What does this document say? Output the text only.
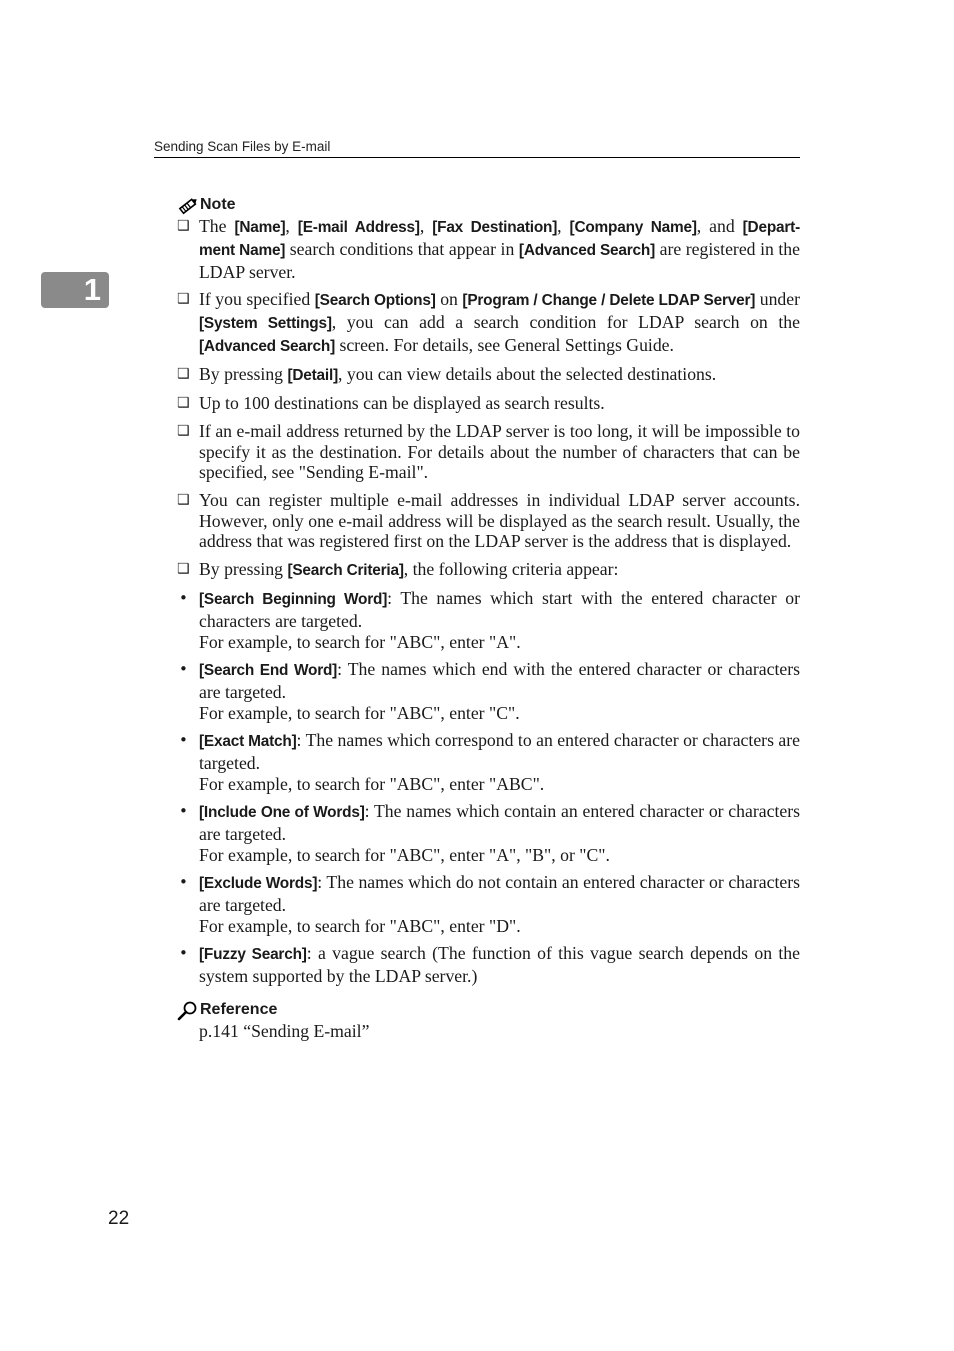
Sending Scan Files by E-mail
1
Note
❑ The [Name], [E-mail Address], [Fax Destination], [Company Name], and [Depart-ment Name] search conditions that appear in [Advanced Search] are registered in the LDAP server.
❑ If you specified [Search Options] on [Program / Change / Delete LDAP Server] under [System Settings], you can add a search condition for LDAP search on the [Advanced Search] screen. For details, see General Settings Guide.
❑ By pressing [Detail], you can view details about the selected destinations.
❑ Up to 100 destinations can be displayed as search results.
❑ If an e-mail address returned by the LDAP server is too long, it will be impossible to specify it as the destination. For details about the number of characters that can be specified, see "Sending E-mail".
❑ You can register multiple e-mail addresses in individual LDAP server accounts. However, only one e-mail address will be displayed as the search result. Usually, the address that was registered first on the LDAP server is the address that is displayed.
❑ By pressing [Search Criteria], the following criteria appear:
• [Search Beginning Word]: The names which start with the entered character or characters are targeted.
For example, to search for "ABC", enter "A".
• [Search End Word]: The names which end with the entered character or characters are targeted.
For example, to search for "ABC", enter "C".
• [Exact Match]: The names which correspond to an entered character or characters are targeted.
For example, to search for "ABC", enter "ABC".
• [Include One of Words]: The names which contain an entered character or characters are targeted.
For example, to search for "ABC", enter "A", "B", or "C".
• [Exclude Words]: The names which do not contain an entered character or characters are targeted.
For example, to search for "ABC", enter "D".
• [Fuzzy Search]: a vague search (The function of this vague search depends on the system supported by the LDAP server.)
Reference
p.141 “Sending E-mail”
22
